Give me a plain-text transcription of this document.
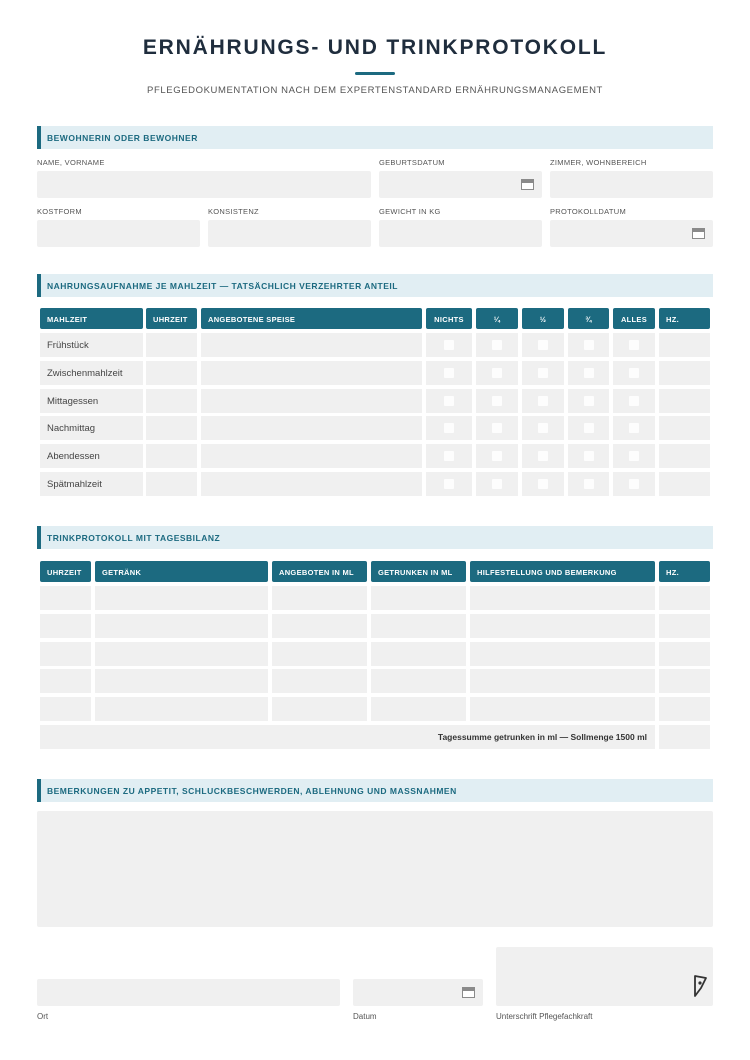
ERNÄHRUNGS- UND TRINKPROTOKOLL
PFLEGEDOKUMENTATION NACH DEM EXPERTENSTANDARD ERNÄHRUNGSMANAGEMENT
BEWOHNERIN ODER BEWOHNER
NAME, VORNAME	GEBURTSDATUM	ZIMMER, WOHNBEREICH
KOSTFORM	KONSISTENZ	GEWICHT IN KG	PROTOKOLLDATUM
NAHRUNGSAUFNAHME JE MAHLZEIT — TATSÄCHLICH VERZEHRTER ANTEIL
MAHLZEIT	UHRZEIT	ANGEBOTENE SPEISE	NICHTS	¼	½	¾	ALLES	HZ.
Frühstück
Zwischenmahlzeit
Mittagessen
Nachmittag
Abendessen
Spätmahlzeit
TRINKPROTOKOLL MIT TAGESBILANZ
UHRZEIT	GETRÄNK	ANGEBOTEN IN ML	GETRUNKEN IN ML	HILFESTELLUNG UND BEMERKUNG	HZ.
Tagessumme getrunken in ml — Sollmenge 1500 ml
BEMERKUNGEN ZU APPETIT, SCHLUCKBESCHWERDEN, ABLEHNUNG UND MASSNAHMEN
Ort	Datum	Unterschrift Pflegefachkraft
